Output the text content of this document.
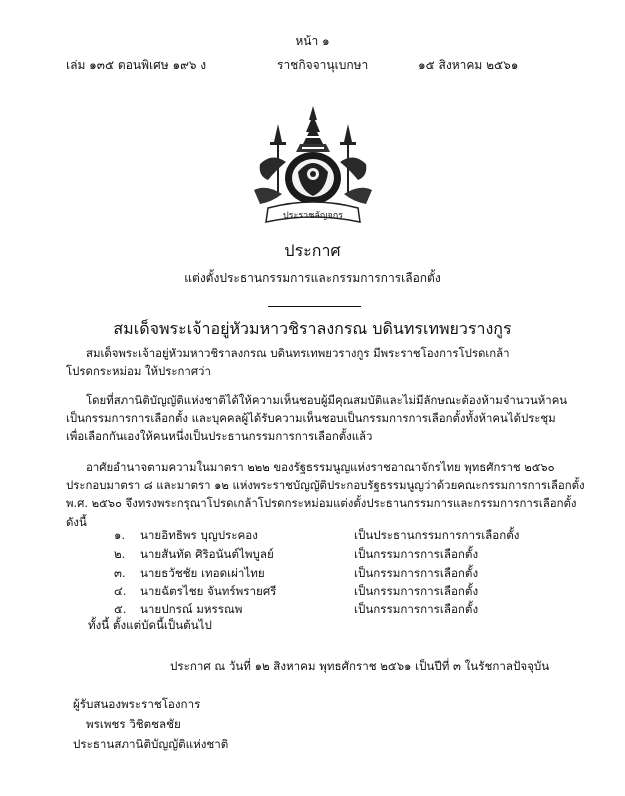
หน้า ๑
เล่ม ๑๓๕ ตอนพิเศษ ๑๙๖ ง	ราชกิจจานุเบกษา	๑๕ สิงหาคม ๒๕๖๑
ประราชลัญจกร
ประกาศ
แต่งตั้งประธานกรรมการและกรรมการการเลือกตั้ง
สมเด็จพระเจ้าอยู่หัวมหาวชิราลงกรณ บดินทรเทพยวรางกูร
สมเด็จพระเจ้าอยู่หัวมหาวชิราลงกรณ บดินทรเทพยวรางกูร มีพระราชโองการโปรดเกล้า
โปรดกระหม่อม ให้ประกาศว่า
โดยที่สภานิติบัญญัติแห่งชาติได้ให้ความเห็นชอบผู้มีคุณสมบัติและไม่มีลักษณะต้องห้ามจำนวนห้าคน
เป็นกรรมการการเลือกตั้ง และบุคคลผู้ได้รับความเห็นชอบเป็นกรรมการการเลือกตั้งทั้งห้าคนได้ประชุม
เพื่อเลือกกันเองให้คนหนึ่งเป็นประธานกรรมการการเลือกตั้งแล้ว
อาศัยอำนาจตามความในมาตรา ๒๒๒ ของรัฐธรรมนูญแห่งราชอาณาจักรไทย พุทธศักราช ๒๕๖๐
ประกอบมาตรา ๘ และมาตรา ๑๒ แห่งพระราชบัญญัติประกอบรัฐธรรมนูญว่าด้วยคณะกรรมการการเลือกตั้ง
พ.ศ. ๒๕๖๐ จึงทรงพระกรุณาโปรดเกล้าโปรดกระหม่อมแต่งตั้งประธานกรรมการและกรรมการการเลือกตั้ง
ดังนี้
๑. นายอิทธิพร บุญประคอง	เป็นประธานกรรมการการเลือกตั้ง
๒. นายสันทัด ศิริอนันต์ไพบูลย์	เป็นกรรมการการเลือกตั้ง
๓. นายธวัชชัย เทอดเผ่าไทย	เป็นกรรมการการเลือกตั้ง
๔. นายฉัตรไชย จันทร์พรายศรี	เป็นกรรมการการเลือกตั้ง
๕. นายปกรณ์ มหรรณพ	เป็นกรรมการการเลือกตั้ง
ทั้งนี้ ตั้งแต่บัดนี้เป็นต้นไป
ประกาศ ณ วันที่ ๑๒ สิงหาคม พุทธศักราช ๒๕๖๑ เป็นปีที่ ๓ ในรัชกาลปัจจุบัน
ผู้รับสนองพระราชโองการ
พรเพชร วิชิตชลชัย
ประธานสภานิติบัญญัติแห่งชาติ
